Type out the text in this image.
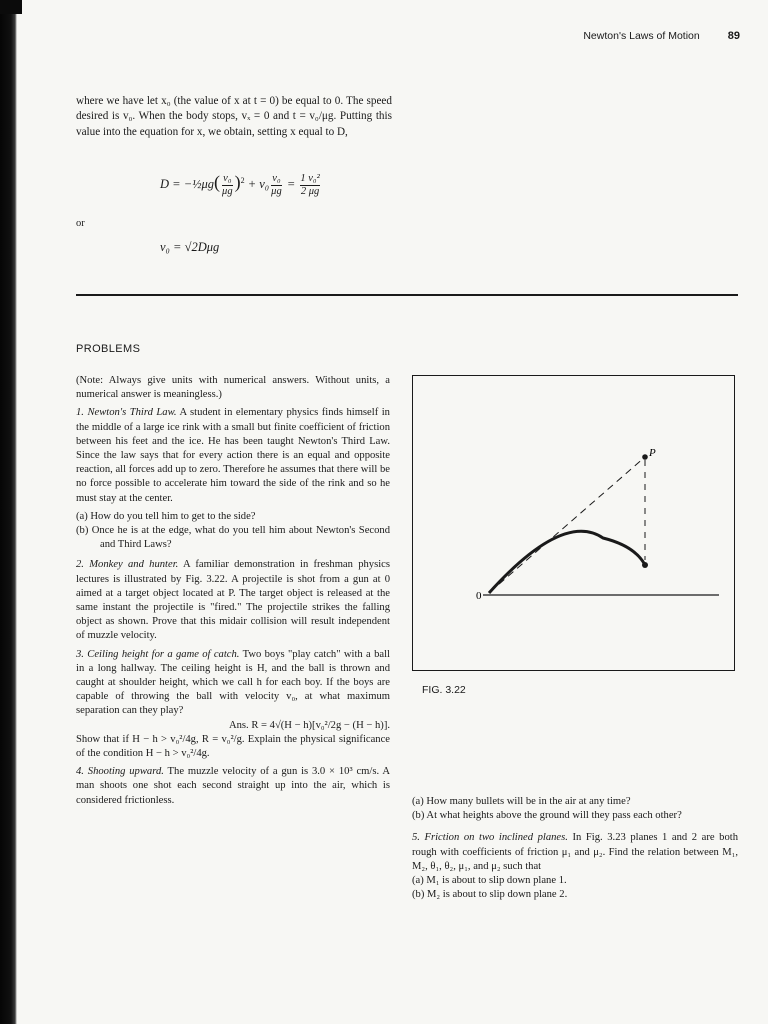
Newton's Laws of Motion	89
where we have let x₀ (the value of x at t = 0) be equal to 0. The speed desired is v₀. When the body stops, vₓ = 0 and t = v₀/μg. Putting this value into the equation for x, we obtain, setting x equal to D,
D = −½μg( $\frac{\text{v₀}}{\mu g} )^2 + v_0 \frac{\text{v₀}}{\mu g} = \frac{\text{1 v₀²}}{2 \mu g}$
or
v₀ = √2Dμg
PROBLEMS

(Note: Always give units with numerical answers. Without units, a numerical answer is meaningless.)

1. Newton's Third Law. A student in elementary physics finds himself in the middle of a large ice rink with a small but finite coefficient of friction between his feet and the ice. He has been taught Newton's Third Law. Since the law says that for every action there is an equal and opposite reaction, all forces add up to zero. Therefore he assumes that there will be no force possible to accelerate him toward the side of the rink and so he must stay at the center.

(a) How do you tell him to get to the side?

(b) Once he is at the edge, what do you tell him about Newton's Second and Third Laws?

2. Monkey and hunter. A familiar demonstration in freshman physics lectures is illustrated by Fig. 3.22. A projectile is shot from a gun at 0 aimed at a target object located at P. The target object is released at the same instant the projectile is "fired." The projectile strikes the falling object as shown. Prove that this midair collision will result independent of muzzle velocity.

3. Ceiling height for a game of catch. Two boys "play catch" with a ball in a long hallway. The ceiling height is H, and the ball is thrown and caught at shoulder height, which we call h for each boy. If the boys are capable of throwing the ball with velocity v₀, at what maximum separation can they play?

Ans. R = 4√(H − h)[v₀²/2g − (H − h)].

Show that if H − h > v₀²/4g, R = v₀²/g. Explain the physical significance of the condition H − h > v₀²/4g.

4. Shooting upward. The muzzle velocity of a gun is 3.0 × 10³ cm/s. A man shoots one shot each second straight up into the air, which is considered frictionless.

0
P
FIG. 3.22

(a) How many bullets will be in the air at any time?

(b) At what heights above the ground will they pass each other?

5. Friction on two inclined planes. In Fig. 3.23 planes 1 and 2 are both rough with coefficients of friction μ₁ and μ₂. Find the relation between M₁, M₂, θ₁, θ₂, μ₁, and μ₂ such that

(a) M₁ is about to slip down plane 1.

(b) M₂ is about to slip down plane 2.
